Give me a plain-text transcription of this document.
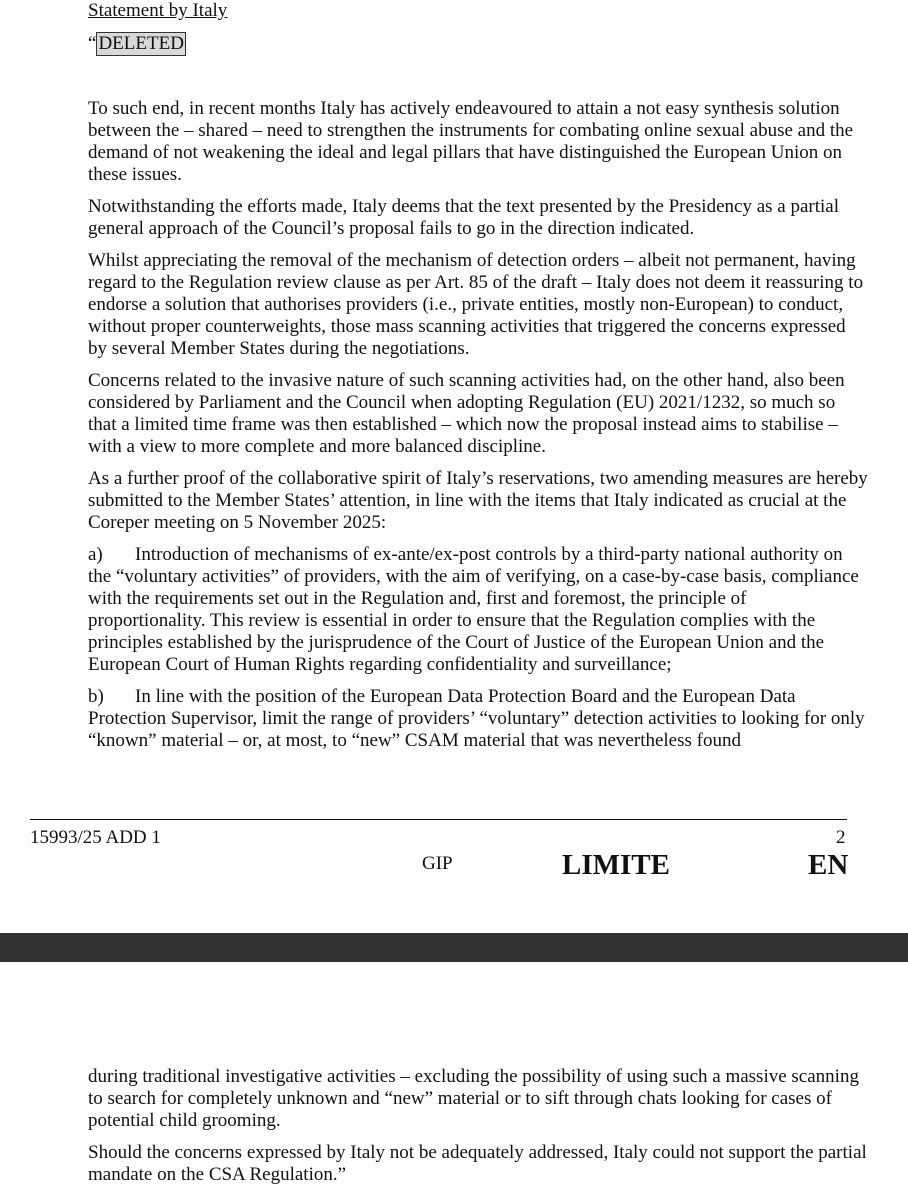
Statement by Italy
“ DELETED

To such end, in recent months Italy has actively endeavoured to attain a not easy synthesis solution between the – shared – need to strengthen the instruments for combating online sexual abuse and the demand of not weakening the ideal and legal pillars that have distinguished the European Union on these issues.

Notwithstanding the efforts made, Italy deems that the text presented by the Presidency as a partial general approach of the Council’s proposal fails to go in the direction indicated.

Whilst appreciating the removal of the mechanism of detection orders – albeit not permanent, having regard to the Regulation review clause as per Art. 85 of the draft – Italy does not deem it reassuring to endorse a solution that authorises providers (i.e., private entities, mostly non-European) to conduct, without proper counterweights, those mass scanning activities that triggered the concerns expressed by several Member States during the negotiations.

Concerns related to the invasive nature of such scanning activities had, on the other hand, also been considered by Parliament and the Council when adopting Regulation (EU) 2021/1232, so much so that a limited time frame was then established – which now the proposal instead aims to stabilise – with a view to more complete and more balanced discipline.

As a further proof of the collaborative spirit of Italy’s reservations, two amending measures are hereby submitted to the Member States’ attention, in line with the items that Italy indicated as crucial at the Coreper meeting on 5 November 2025:

a) Introduction of mechanisms of ex-ante/ex-post controls by a third-party national authority on the “voluntary activities” of providers, with the aim of verifying, on a case-by-case basis, compliance with the requirements set out in the Regulation and, first and foremost, the principle of proportionality. This review is essential in order to ensure that the Regulation complies with the principles established by the jurisprudence of the Court of Justice of the European Union and the European Court of Human Rights regarding confidentiality and surveillance;

b) In line with the position of the European Data Protection Board and the European Data Protection Supervisor, limit the range of providers’ “voluntary” detection activities to looking for only “known” material – or, at most, to “new” CSAM material that was nevertheless found

15993/25 ADD 1	2
GIP	LIMITE	EN

during traditional investigative activities – excluding the possibility of using such a massive scanning to search for completely unknown and “new” material or to sift through chats looking for cases of potential child grooming.

Should the concerns expressed by Italy not be adequately addressed, Italy could not support the partial mandate on the CSA Regulation.”
